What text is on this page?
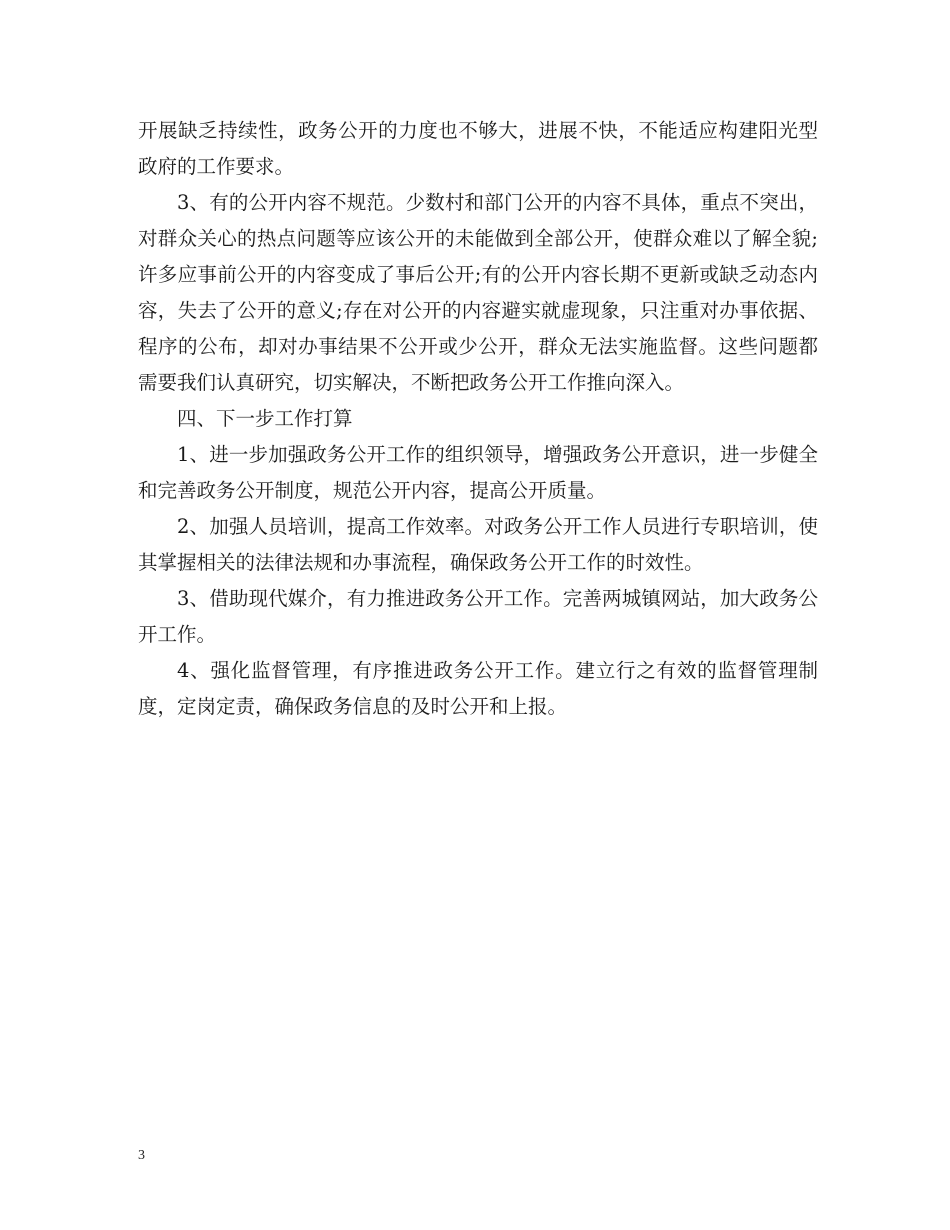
开展缺乏持续性，政务公开的力度也不够大，进展不快，不能适应构建阳光型政府的工作要求。

3、有的公开内容不规范。少数村和部门公开的内容不具体，重点不突出，对群众关心的热点问题等应该公开的未能做到全部公开，使群众难以了解全貌;许多应事前公开的内容变成了事后公开;有的公开内容长期不更新或缺乏动态内容，失去了公开的意义;存在对公开的内容避实就虚现象，只注重对办事依据、程序的公布，却对办事结果不公开或少公开，群众无法实施监督。这些问题都需要我们认真研究，切实解决，不断把政务公开工作推向深入。

四、下一步工作打算

1、进一步加强政务公开工作的组织领导，增强政务公开意识，进一步健全和完善政务公开制度，规范公开内容，提高公开质量。

2、加强人员培训，提高工作效率。对政务公开工作人员进行专职培训，使其掌握相关的法律法规和办事流程，确保政务公开工作的时效性。

3、借助现代媒介，有力推进政务公开工作。完善两城镇网站，加大政务公开工作。

4、强化监督管理，有序推进政务公开工作。建立行之有效的监督管理制度，定岗定责，确保政务信息的及时公开和上报。

3
